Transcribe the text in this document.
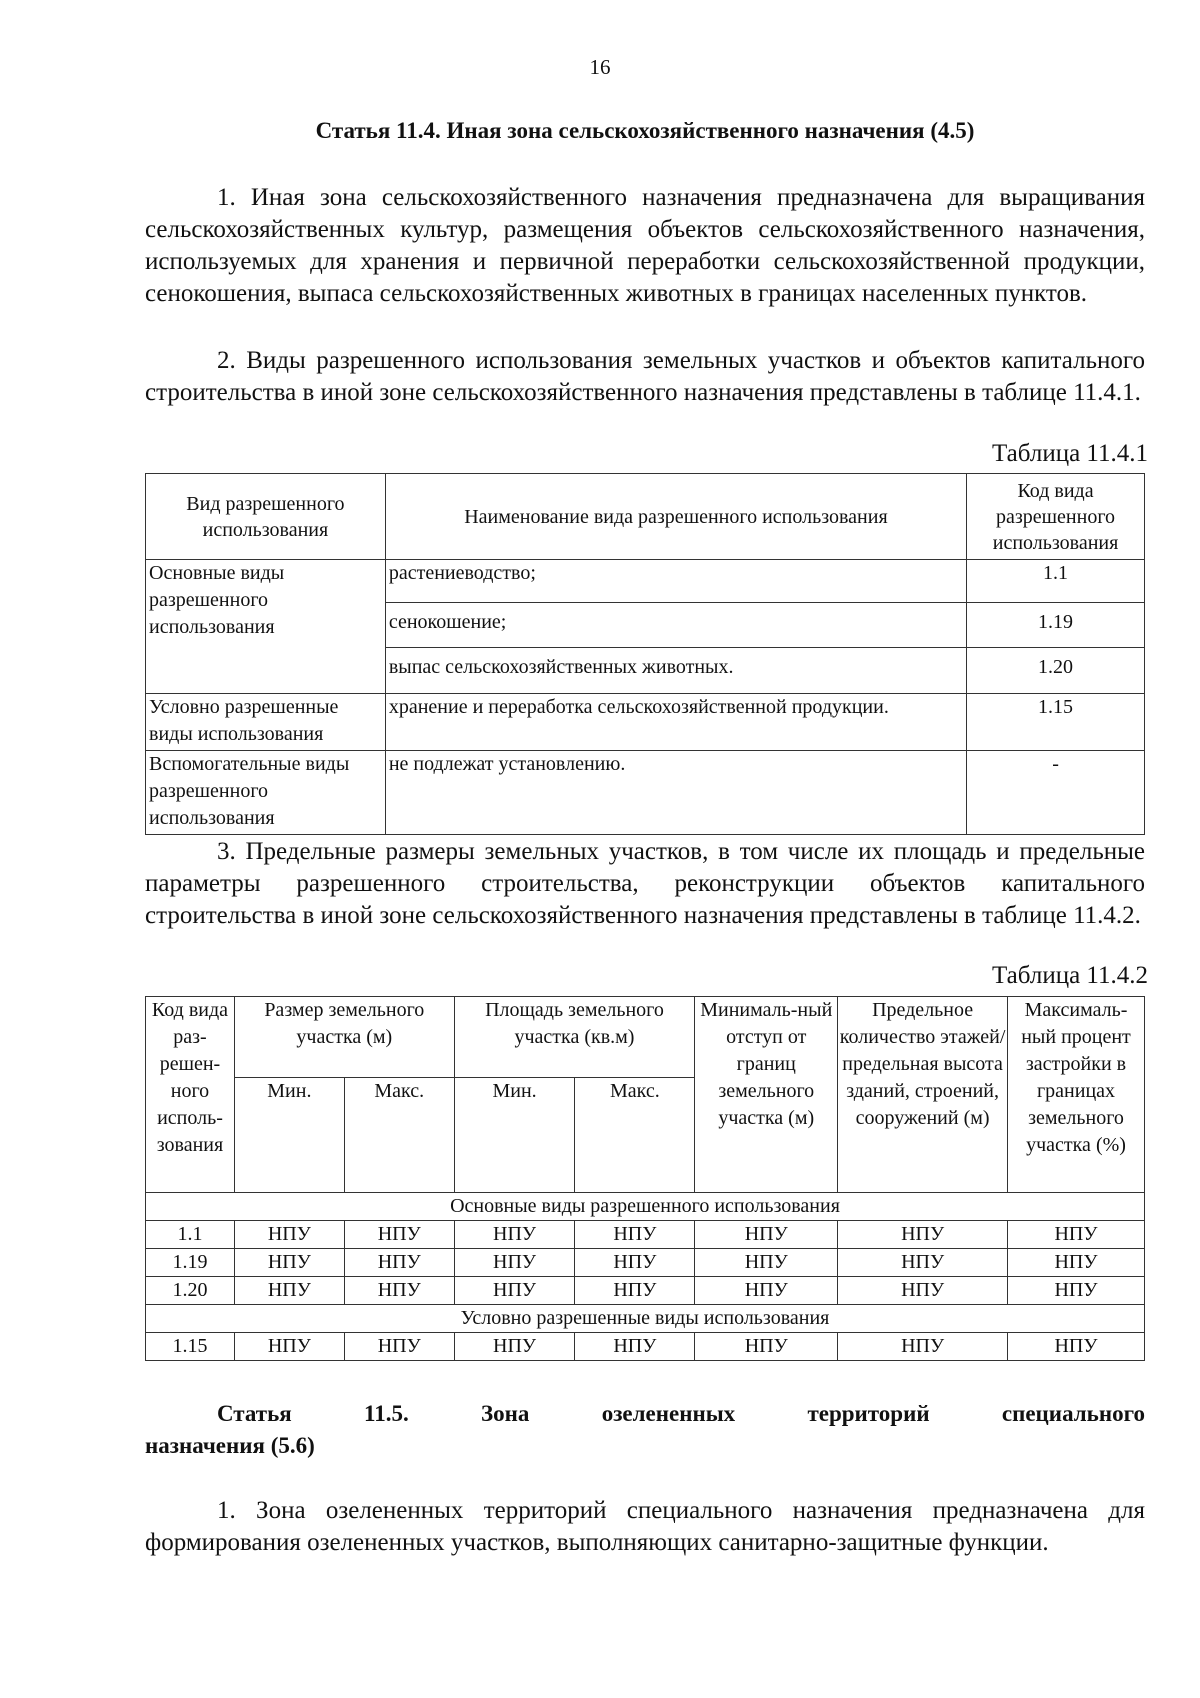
16
Статья 11.4. Иная зона сельскохозяйственного назначения (4.5)
1. Иная зона сельскохозяйственного назначения предназначена для выращивания сельскохозяйственных культур, размещения объектов сельскохозяйственного назначения, используемых для хранения и первичной переработки сельскохозяйственной продукции, сенокошения, выпаса сельскохозяйственных животных в границах населенных пунктов.
2. Виды разрешенного использования земельных участков и объектов капитального строительства в иной зоне сельскохозяйственного назначения представлены в таблице 11.4.1.
Таблица 11.4.1
Вид разрешенного использования	Наименование вида разрешенного использования	Код вида разрешенного использования
Основные виды разрешенного использования	растениеводство;	1.1
	сенокошение;	1.19
	выпас сельскохозяйственных животных.	1.20
Условно разрешенные виды использования	хранение и переработка сельскохозяйственной продукции.	1.15
Вспомогательные виды разрешенного использования	не подлежат установлению.	-
3. Предельные размеры земельных участков, в том числе их площадь и предельные параметры разрешенного строительства, реконструкции объектов капитального строительства в иной зоне сельскохозяйственного назначения представлены в таблице 11.4.2.
Таблица 11.4.2
Код вида раз-решен-ного исполь-зования	Размер земельного участка (м)		Площадь земельного участка (кв.м)		Минималь-ный отступ от границ земельного участка (м)	Предельное количество этажей/ предельная высота зданий, строений, сооружений (м)	Максималь-ный процент застройки в границах земельного участка (%)
	Мин.	Макс.	Мин.	Макс.			
Основные виды разрешенного использования							
1.1	НПУ	НПУ	НПУ	НПУ	НПУ	НПУ	НПУ
1.19	НПУ	НПУ	НПУ	НПУ	НПУ	НПУ	НПУ
1.20	НПУ	НПУ	НПУ	НПУ	НПУ	НПУ	НПУ
Условно разрешенные виды использования							
1.15	НПУ	НПУ	НПУ	НПУ	НПУ	НПУ	НПУ
Статья	11.5.	Зона	озелененных	территорий	специального
назначения (5.6)
1. Зона озелененных территорий специального назначения предназначена для формирования озелененных участков, выполняющих санитарно-защитные функции.
